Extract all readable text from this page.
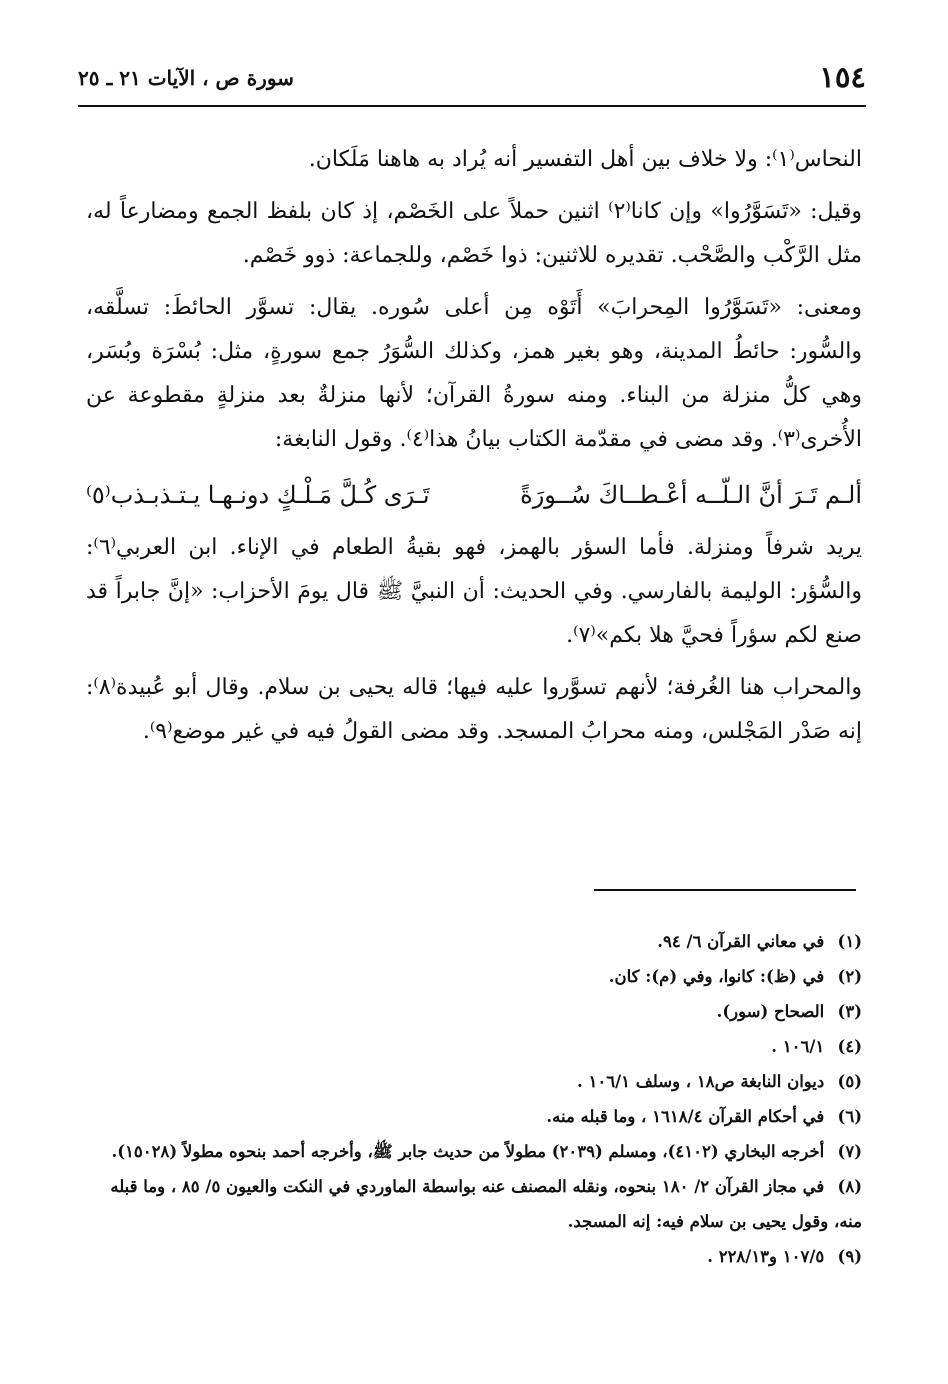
١٥٤
سورة ص ، الآيات ٢١ ـ ٢٥

النحاس⁽١⁾: ولا خلاف بين أهل التفسير أنه يُراد به هاهنا مَلَكان.

وقيل: «تَسَوَّرُوا» وإن كانا⁽٢⁾ اثنين حملاً على الخَصْم، إذ كان بلفظ الجمع ومضارعاً له، مثل الرَّكْب والصَّحْب. تقديره للاثنين: ذوا خَصْم، وللجماعة: ذوو خَصْم.

ومعنى: «تَسَوَّرُوا المِحرابَ» أَتَوْه مِن أعلى سُوره. يقال: تسوَّر الحائطَ: تسلَّقه، والسُّور: حائطُ المدينة، وهو بغير همز، وكذلك السُّوَرُ جمع سورةٍ، مثل: بُسْرَة وبُسَر، وهي كلُّ منزلة من البناء. ومنه سورةُ القرآن؛ لأنها منزلةٌ بعد منزلةٍ مقطوعة عن الأُخرى⁽٣⁾. وقد مضى في مقدّمة الكتاب بيانُ هذا⁽٤⁾. وقول النابغة:

ألـم تَـرَ أنَّ الـلّــه أعْـطــاكَ سُــورَةً
تَـرَى كُـلَّ مَـلْـكٍ دونـهـا يـتـذبـذب⁽٥⁾

يريد شرفاً ومنزلة. فأما السؤر بالهمز، فهو بقيةُ الطعام في الإناء. ابن العربي⁽٦⁾: والسُّؤر: الوليمة بالفارسي. وفي الحديث: أن النبيَّ ﷺ قال يومَ الأحزاب: «إنَّ جابراً قد صنع لكم سؤراً فحيَّ هلا بكم»⁽٧⁾.

والمحراب هنا الغُرفة؛ لأنهم تسوَّروا عليه فيها؛ قاله يحيى بن سلام. وقال أبو عُبيدة⁽٨⁾: إنه صَدْر المَجْلس، ومنه محرابُ المسجد. وقد مضى القولُ فيه في غير موضع⁽٩⁾.

(١) في معاني القرآن ٦/ ٩٤.

(٢) في (ظ): كانوا، وفي (م): كان.

(٣) الصحاح (سور).

(٤) ١٠٦/١ .

(٥) ديوان النابغة ص١٨ ، وسلف ١٠٦/١ .

(٦) في أحكام القرآن ١٦١٨/٤ ، وما قبله منه.

(٧) أخرجه البخاري (٤١٠٢)، ومسلم (٢٠٣٩) مطولاً من حديث جابر ﷺ، وأخرجه أحمد بنحوه مطولاً (١٥٠٢٨).

(٨) في مجاز القرآن ٢/ ١٨٠ بنحوه، ونقله المصنف عنه بواسطة الماوردي في النكت والعيون ٥/ ٨٥ ، وما قبله منه، وقول يحيى بن سلام فيه: إنه المسجد.

(٩) ١٠٧/٥ و٢٢٨/١٣ .
